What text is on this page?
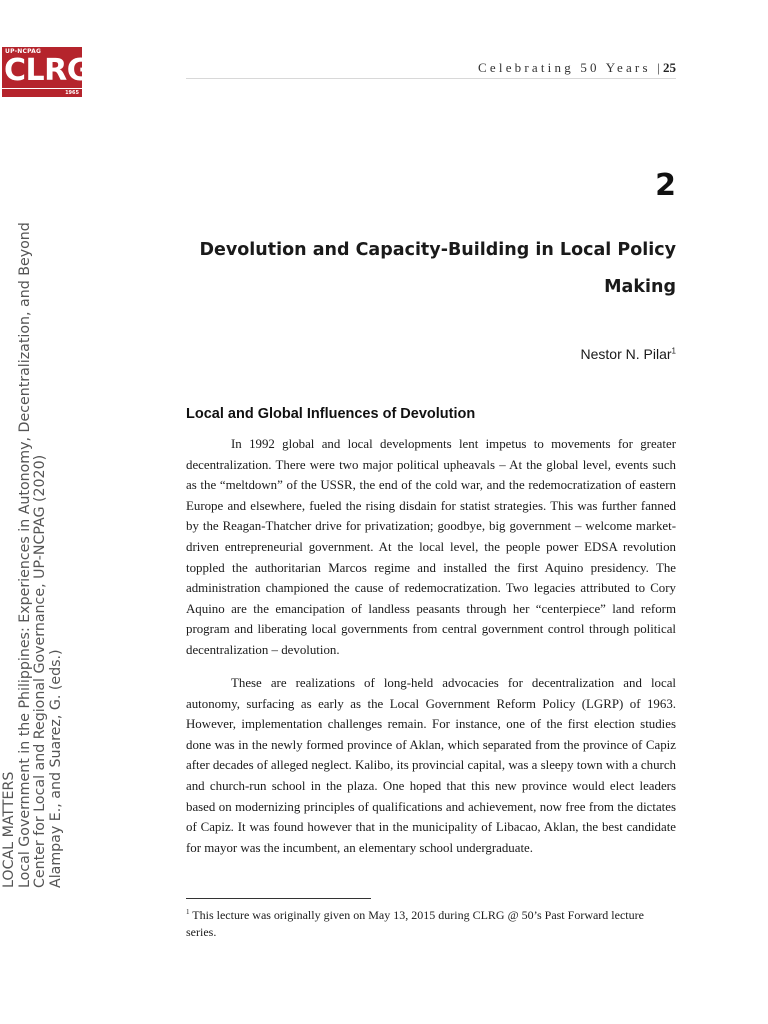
UP-NCPAG
CLRG
1965
Celebrating 50 Years |25
LOCAL MATTERS Local Government in the Philippines: Experiences in Autonomy, Decentralization, and Beyond Center for Local and Regional Governance, UP-NCPAG (2020) Alampay E., and Suarez, G. (eds.)
2
Devolution and Capacity-Building in Local Policy
Making
Nestor N. Pilar$^1$
Local and Global Influences of Devolution

In 1992 global and local developments lent impetus to movements for greater decentralization. There were two major political upheavals – At the global level, events such as the “meltdown” of the USSR, the end of the cold war, and the redemocratization of eastern Europe and elsewhere, fueled the rising disdain for statist strategies. This was further fanned by the Reagan-Thatcher drive for privatization; goodbye, big government – welcome market-driven entrepreneurial government. At the local level, the people power EDSA revolution toppled the authoritarian Marcos regime and installed the first Aquino presidency. The administration championed the cause of redemocratization. Two legacies attributed to Cory Aquino are the emancipation of landless peasants through her “centerpiece” land reform program and liberating local governments from central government control through political decentralization – devolution.

These are realizations of long-held advocacies for decentralization and local autonomy, surfacing as early as the Local Government Reform Policy (LGRP) of 1963. However, implementation challenges remain. For instance, one of the first election studies done was in the newly formed province of Aklan, which separated from the province of Capiz after decades of alleged neglect. Kalibo, its provincial capital, was a sleepy town with a church and church-run school in the plaza. One hoped that this new province would elect leaders based on modernizing principles of qualifications and achievement, now free from the dictates of Capiz. It was found however that in the municipality of Libacao, Aklan, the best candidate for mayor was the incumbent, an elementary school undergraduate.

$^1$ This lecture was originally given on May 13, 2015 during CLRG @ 50’s Past Forward lecture series.
